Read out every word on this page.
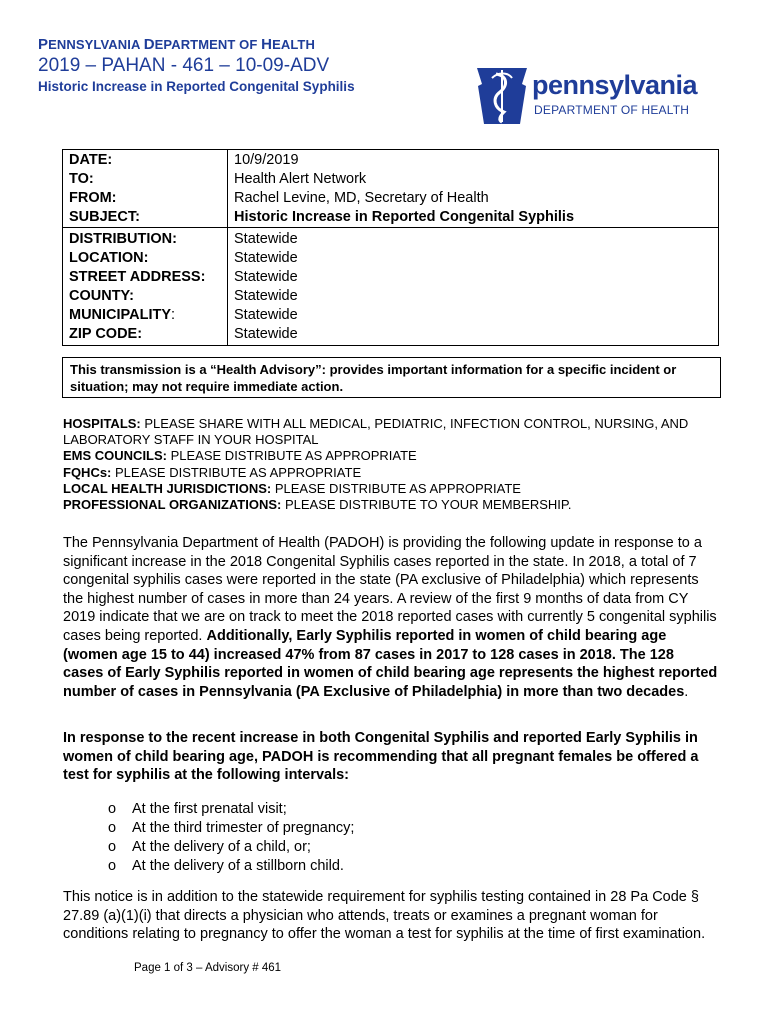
PENNSYLVANIA DEPARTMENT OF HEALTH
2019 – PAHAN - 461 – 10-09-ADV
Historic Increase in Reported Congenital Syphilis	pennsylvania
DEPARTMENT OF HEALTH
DATE:	10/9/2019
TO:	Health Alert Network
FROM:	Rachel Levine, MD, Secretary of Health
SUBJECT:	Historic Increase in Reported Congenital Syphilis
DISTRIBUTION:	Statewide
LOCATION:	Statewide
STREET ADDRESS:	Statewide
COUNTY:	Statewide
MUNICIPALITY:	Statewide
ZIP CODE:	Statewide
This transmission is a “Health Advisory”: provides important information for a specific incident or situation; may not require immediate action.
HOSPITALS: PLEASE SHARE WITH ALL MEDICAL, PEDIATRIC, INFECTION CONTROL, NURSING, AND LABORATORY STAFF IN YOUR HOSPITAL
EMS COUNCILS: PLEASE DISTRIBUTE AS APPROPRIATE
FQHCs: PLEASE DISTRIBUTE AS APPROPRIATE
LOCAL HEALTH JURISDICTIONS: PLEASE DISTRIBUTE AS APPROPRIATE
PROFESSIONAL ORGANIZATIONS: PLEASE DISTRIBUTE TO YOUR MEMBERSHIP.
The Pennsylvania Department of Health (PADOH) is providing the following update in response to a significant increase in the 2018 Congenital Syphilis cases reported in the state. In 2018, a total of 7 congenital syphilis cases were reported in the state (PA exclusive of Philadelphia) which represents the highest number of cases in more than 24 years. A review of the first 9 months of data from CY 2019 indicate that we are on track to meet the 2018 reported cases with currently 5 congenital syphilis cases being reported. Additionally, Early Syphilis reported in women of child bearing age (women age 15 to 44) increased 47% from 87 cases in 2017 to 128 cases in 2018. The 128 cases of Early Syphilis reported in women of child bearing age represents the highest reported number of cases in Pennsylvania (PA Exclusive of Philadelphia) in more than two decades.
In response to the recent increase in both Congenital Syphilis and reported Early Syphilis in women of child bearing age, PADOH is recommending that all pregnant females be offered a test for syphilis at the following intervals:
o At the first prenatal visit;
o At the third trimester of pregnancy;
o At the delivery of a child, or;
o At the delivery of a stillborn child.
This notice is in addition to the statewide requirement for syphilis testing contained in 28 Pa Code § 27.89 (a)(1)(i) that directs a physician who attends, treats or examines a pregnant woman for conditions relating to pregnancy to offer the woman a test for syphilis at the time of first examination.
Page 1 of 3 – Advisory # 461
